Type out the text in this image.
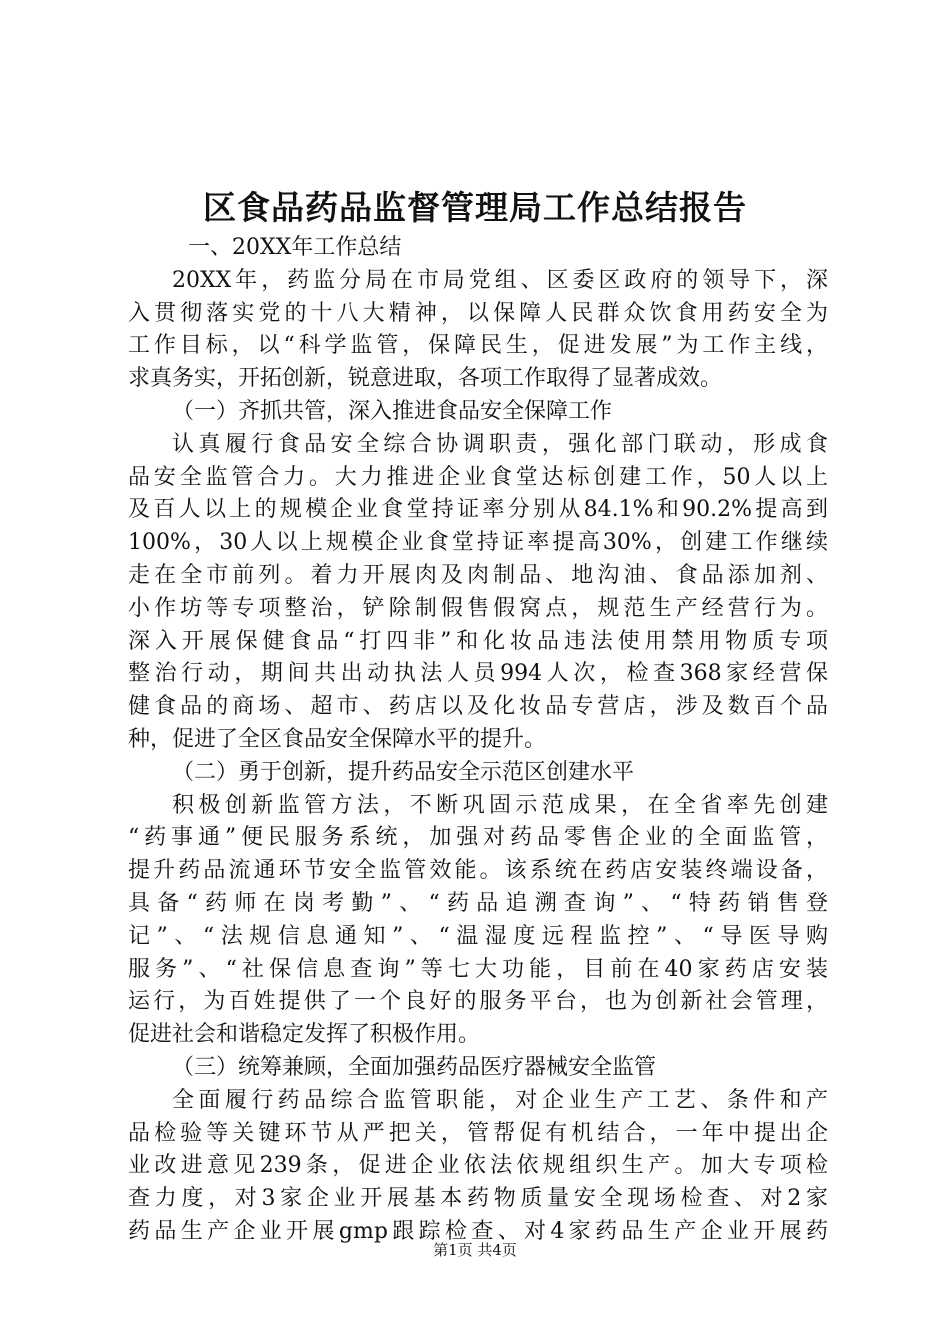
区食品药品监督管理局工作总结报告
一、20XX年工作总结
20XX年，药监分局在市局党组、区委区政府的领导下，深
入贯彻落实党的十八大精神，以保障人民群众饮食用药安全为
工作目标，以“科学监管，保障民生，促进发展”为工作主线，
求真务实，开拓创新，锐意进取，各项工作取得了显著成效。
（一）齐抓共管，深入推进食品安全保障工作
认真履行食品安全综合协调职责，强化部门联动，形成食
品安全监管合力。大力推进企业食堂达标创建工作，50人以上
及百人以上的规模企业食堂持证率分别从84.1%和90.2%提高到
100%，30人以上规模企业食堂持证率提高30%，创建工作继续
走在全市前列。着力开展肉及肉制品、地沟油、食品添加剂、
小作坊等专项整治，铲除制假售假窝点，规范生产经营行为。
深入开展保健食品“打四非”和化妆品违法使用禁用物质专项
整治行动，期间共出动执法人员994人次，检查368家经营保
健食品的商场、超市、药店以及化妆品专营店，涉及数百个品
种，促进了全区食品安全保障水平的提升。
（二）勇于创新，提升药品安全示范区创建水平
积极创新监管方法，不断巩固示范成果，在全省率先创建
“药事通”便民服务系统，加强对药品零售企业的全面监管，
提升药品流通环节安全监管效能。该系统在药店安装终端设备，
具备“药师在岗考勤”、“药品追溯查询”、“特药销售登
记”、“法规信息通知”、“温湿度远程监控”、“导医导购
服务”、“社保信息查询”等七大功能，目前在40家药店安装
运行，为百姓提供了一个良好的服务平台，也为创新社会管理，
促进社会和谐稳定发挥了积极作用。
（三）统筹兼顾，全面加强药品医疗器械安全监管
全面履行药品综合监管职能，对企业生产工艺、条件和产
品检验等关键环节从严把关，管帮促有机结合，一年中提出企
业改进意见239条，促进企业依法依规组织生产。加大专项检
查力度，对3家企业开展基本药物质量安全现场检查、对2家
药品生产企业开展gmp跟踪检查、对4家药品生产企业开展药
第1页 共4页
